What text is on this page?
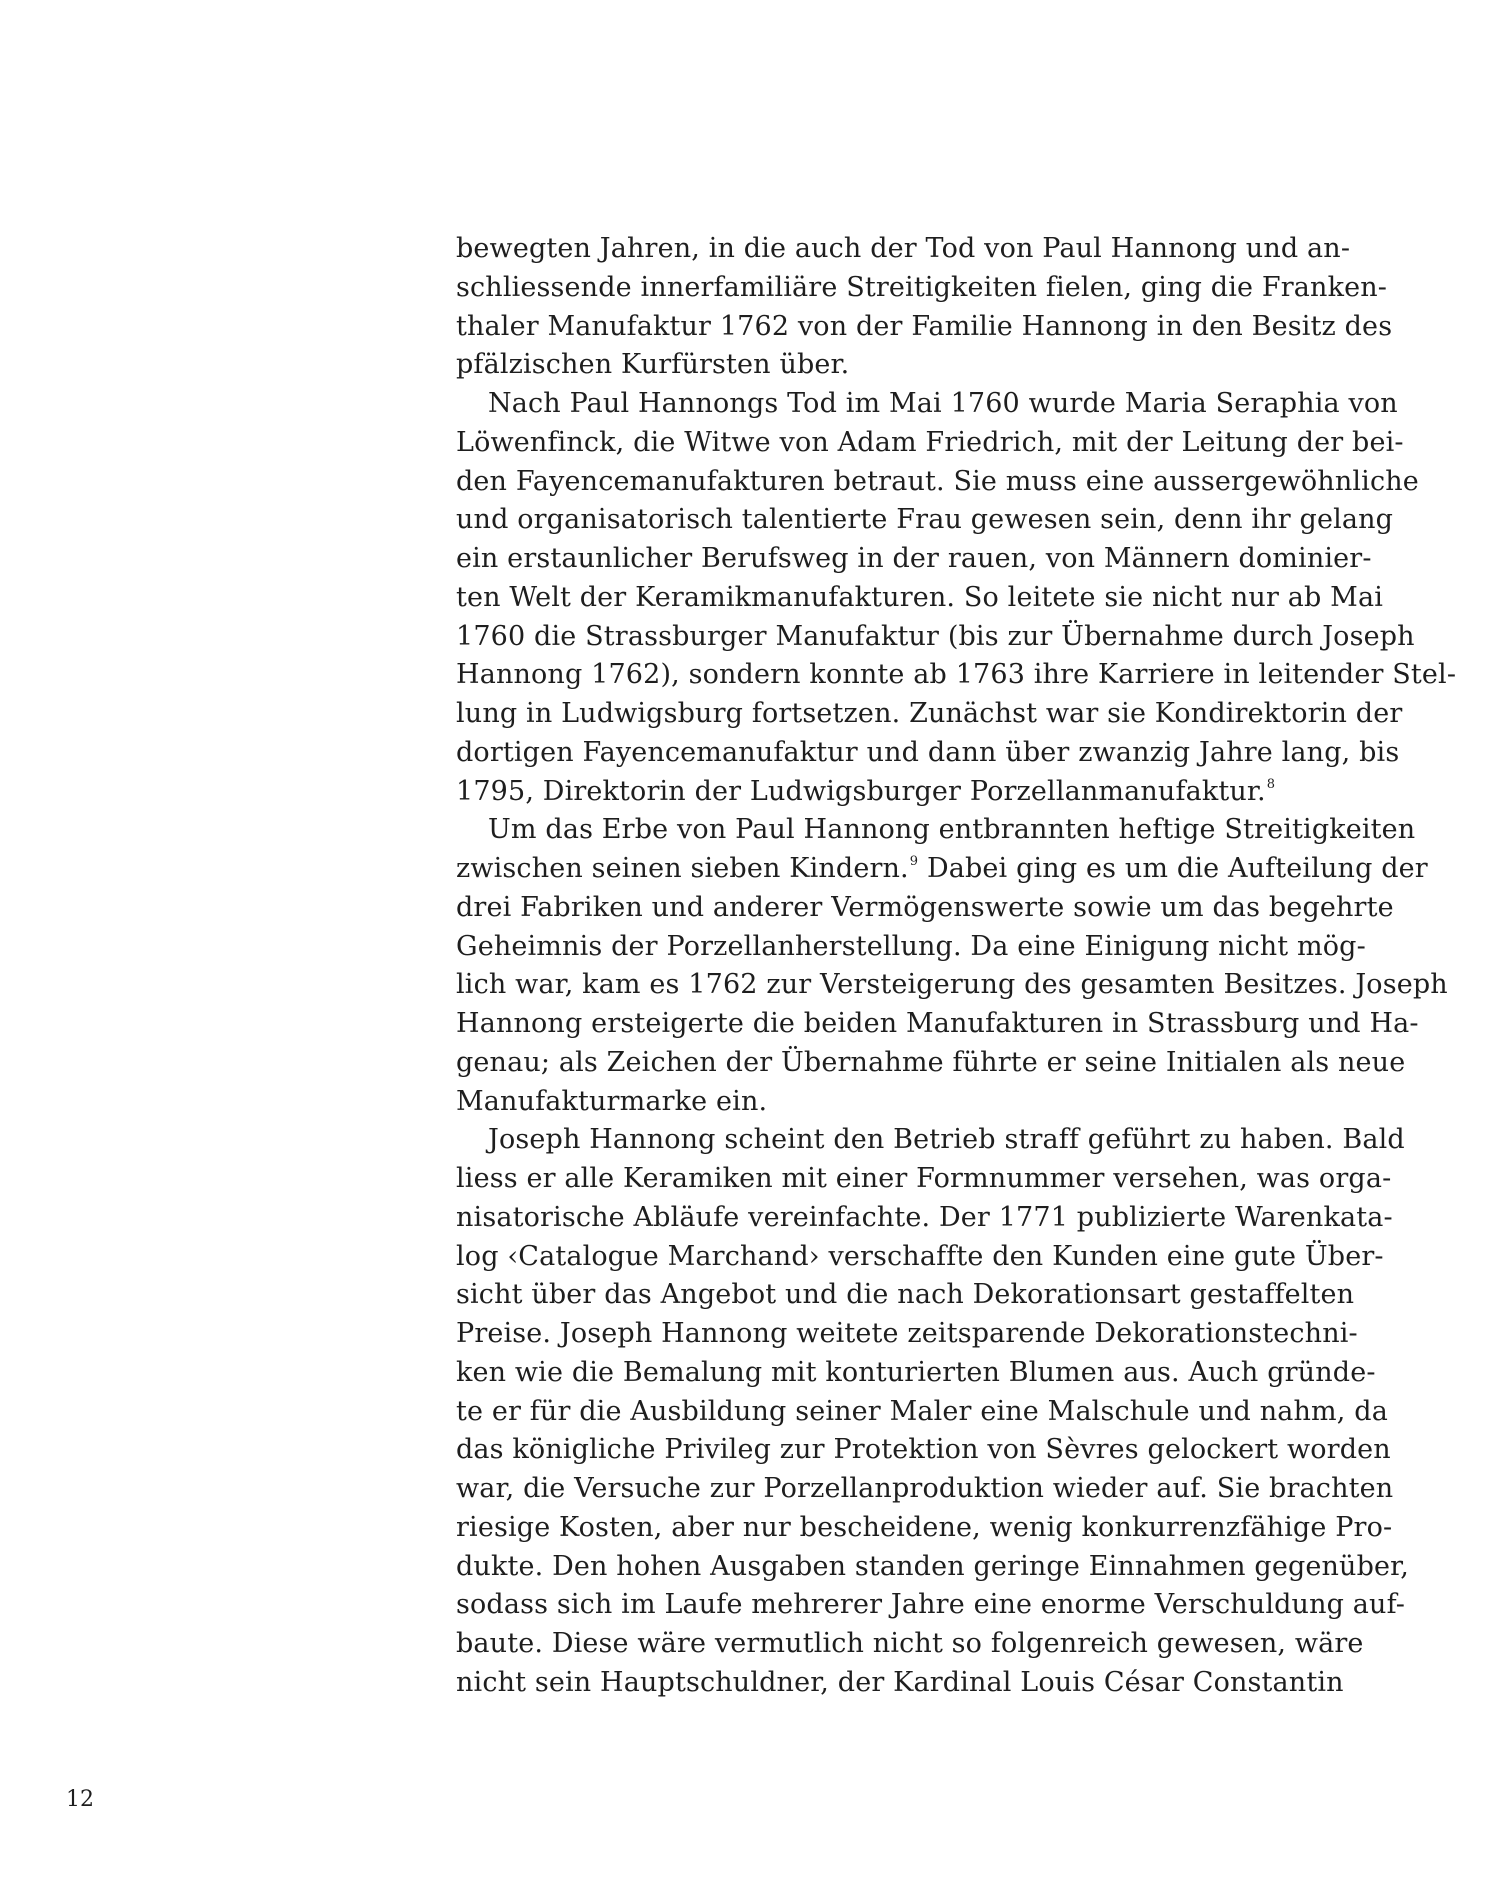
bewegten Jahren, in die auch der Tod von Paul Hannong und an-
schliessende innerfamiliäre Streitigkeiten fielen, ging die Franken-
thaler Manufaktur 1762 von der Familie Hannong in den Besitz des
pfälzischen Kurfürsten über.
Nach Paul Hannongs Tod im Mai 1760 wurde Maria Seraphia von
Löwenfinck, die Witwe von Adam Friedrich, mit der Leitung der bei-
den Fayencemanufakturen betraut. Sie muss eine aussergewöhnliche
und organisatorisch talentierte Frau gewesen sein, denn ihr gelang
ein erstaunlicher Berufsweg in der rauen, von Männern dominier-
ten Welt der Keramikmanufakturen. So leitete sie nicht nur ab Mai
1760 die Strassburger Manufaktur (bis zur Übernahme durch Joseph
Hannong 1762), sondern konnte ab 1763 ihre Karriere in leitender Stel-
lung in Ludwigsburg fortsetzen. Zunächst war sie Kondirektorin der
dortigen Fayencemanufaktur und dann über zwanzig Jahre lang, bis
1795, Direktorin der Ludwigsburger Porzellanmanufaktur.$^8$
Um das Erbe von Paul Hannong entbrannten heftige Streitigkeiten
zwischen seinen sieben Kindern.$^9$ Dabei ging es um die Aufteilung der
drei Fabriken und anderer Vermögenswerte sowie um das begehrte
Geheimnis der Porzellanherstellung. Da eine Einigung nicht mög-
lich war, kam es 1762 zur Versteigerung des gesamten Besitzes. Joseph
Hannong ersteigerte die beiden Manufakturen in Strassburg und Ha-
genau; als Zeichen der Übernahme führte er seine Initialen als neue
Manufakturmarke ein.
Joseph Hannong scheint den Betrieb straff geführt zu haben. Bald
liess er alle Keramiken mit einer Formnummer versehen, was orga-
nisatorische Abläufe vereinfachte. Der 1771 publizierte Warenkata-
log ‹Catalogue Marchand› verschaffte den Kunden eine gute Über-
sicht über das Angebot und die nach Dekorationsart gestaffelten
Preise. Joseph Hannong weitete zeitsparende Dekorationstechni-
ken wie die Bemalung mit konturierten Blumen aus. Auch gründe-
te er für die Ausbildung seiner Maler eine Malschule und nahm, da
das königliche Privileg zur Protektion von Sèvres gelockert worden
war, die Versuche zur Porzellanproduktion wieder auf. Sie brachten
riesige Kosten, aber nur bescheidene, wenig konkurrenzfähige Pro-
dukte. Den hohen Ausgaben standen geringe Einnahmen gegenüber,
sodass sich im Laufe mehrerer Jahre eine enorme Verschuldung auf-
baute. Diese wäre vermutlich nicht so folgenreich gewesen, wäre
nicht sein Hauptschuldner, der Kardinal Louis César Constantin
12
